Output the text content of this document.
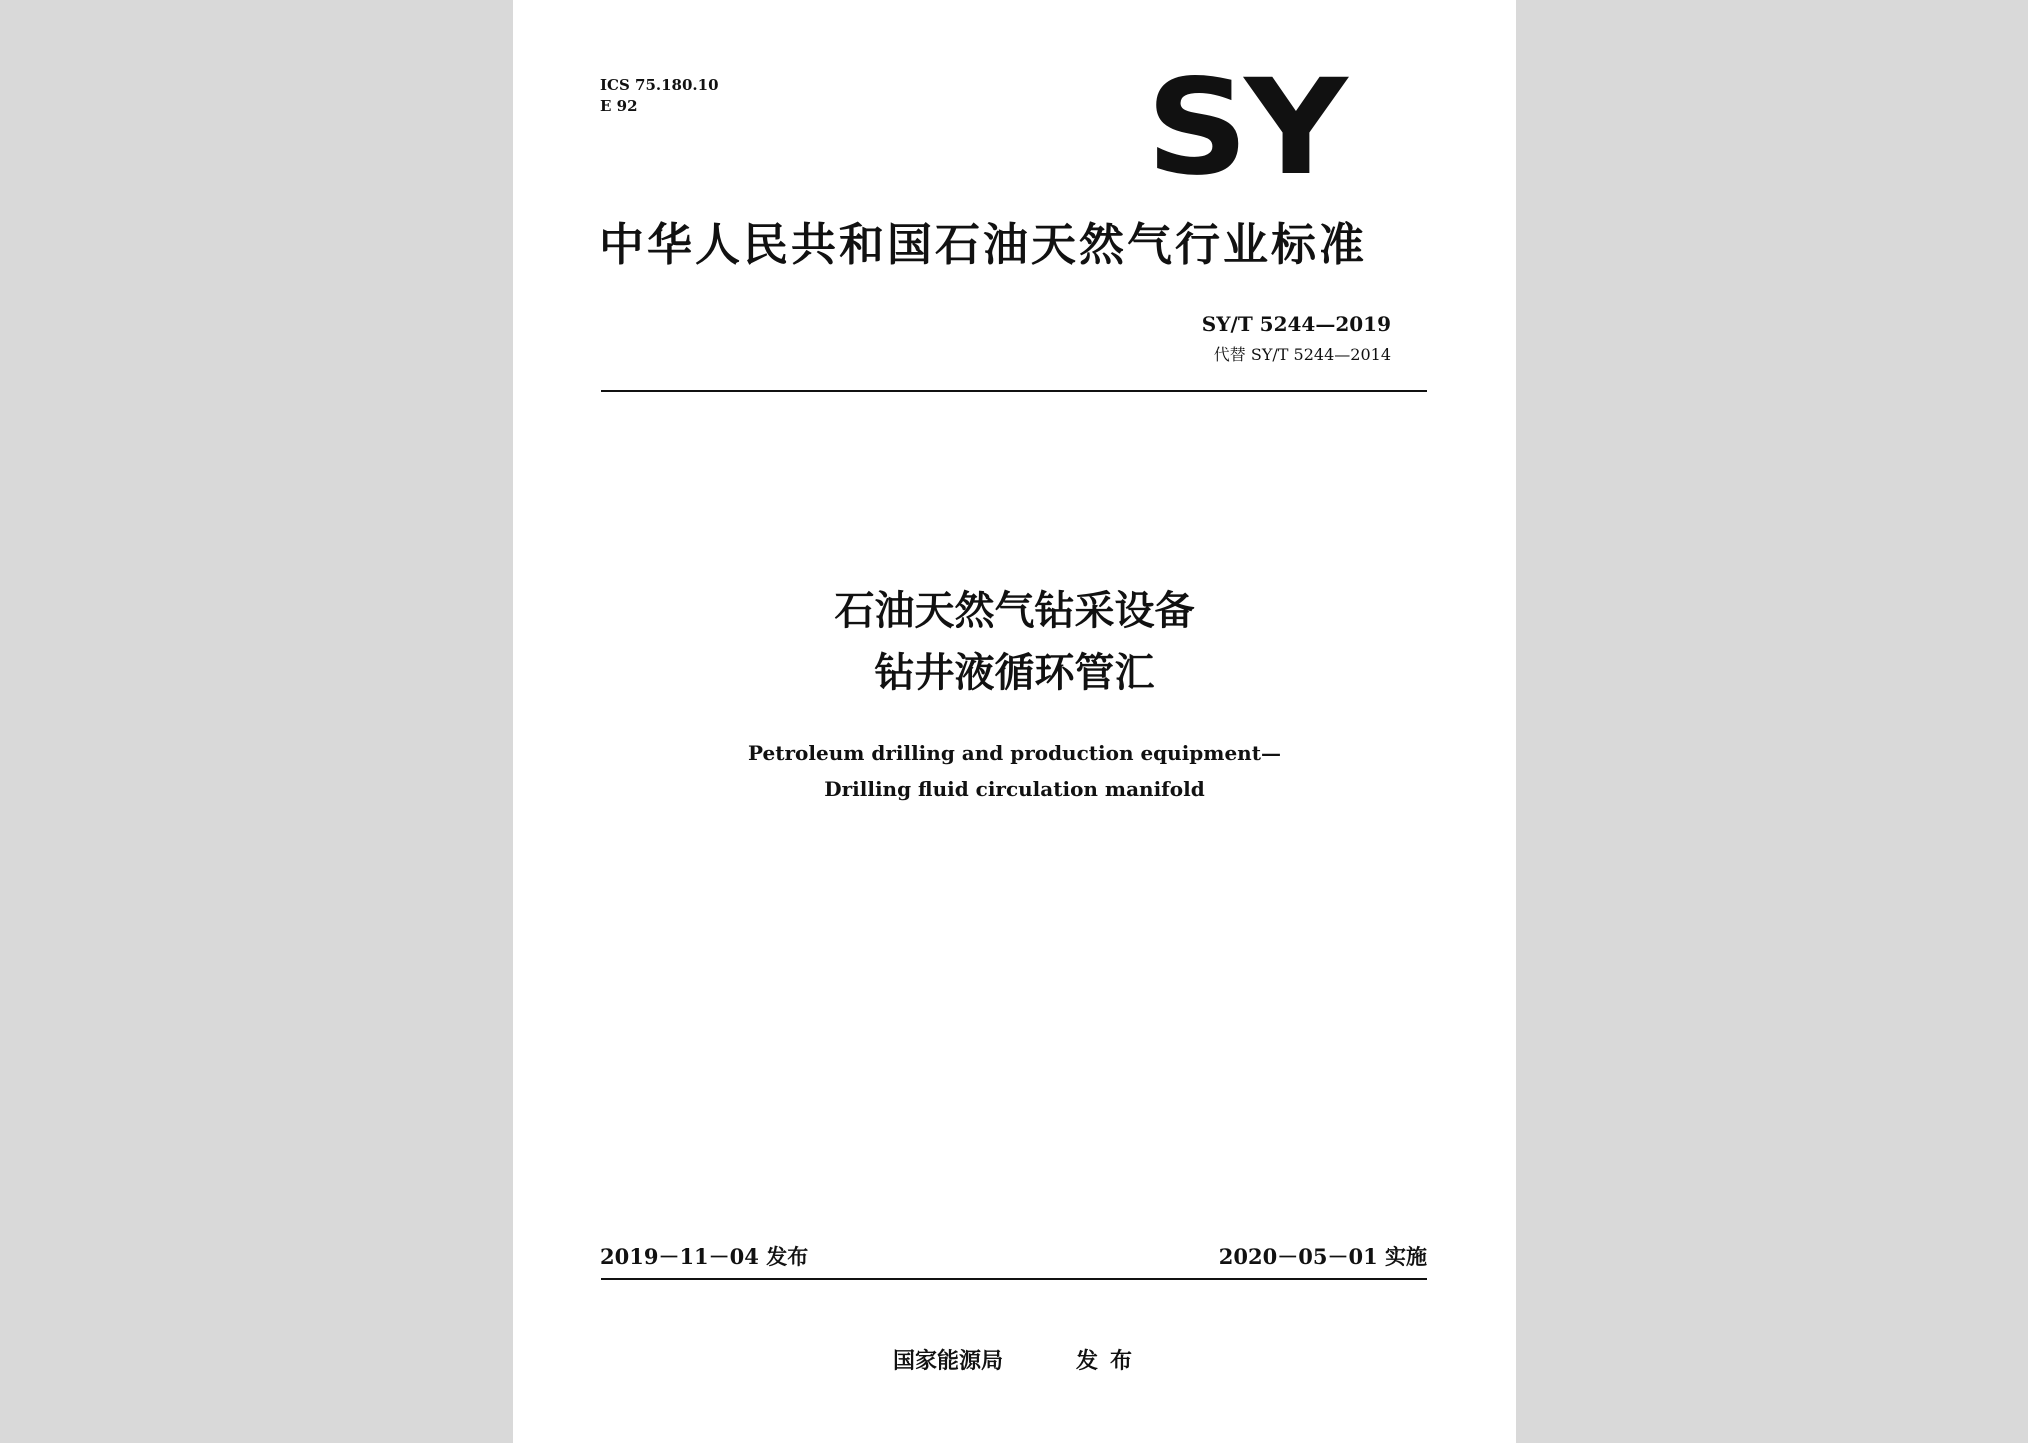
ICS 75.180.10
E 92	SY
中华人民共和国石油天然气行业标准
SY/T 5244—2019
代替 SY/T 5244—2014
石油天然气钻采设备
钻井液循环管汇
Petroleum drilling and production equipment—
Drilling fluid circulation manifold
2019－11－04 发布	2020－05－01 实施
国家能源局	发布
